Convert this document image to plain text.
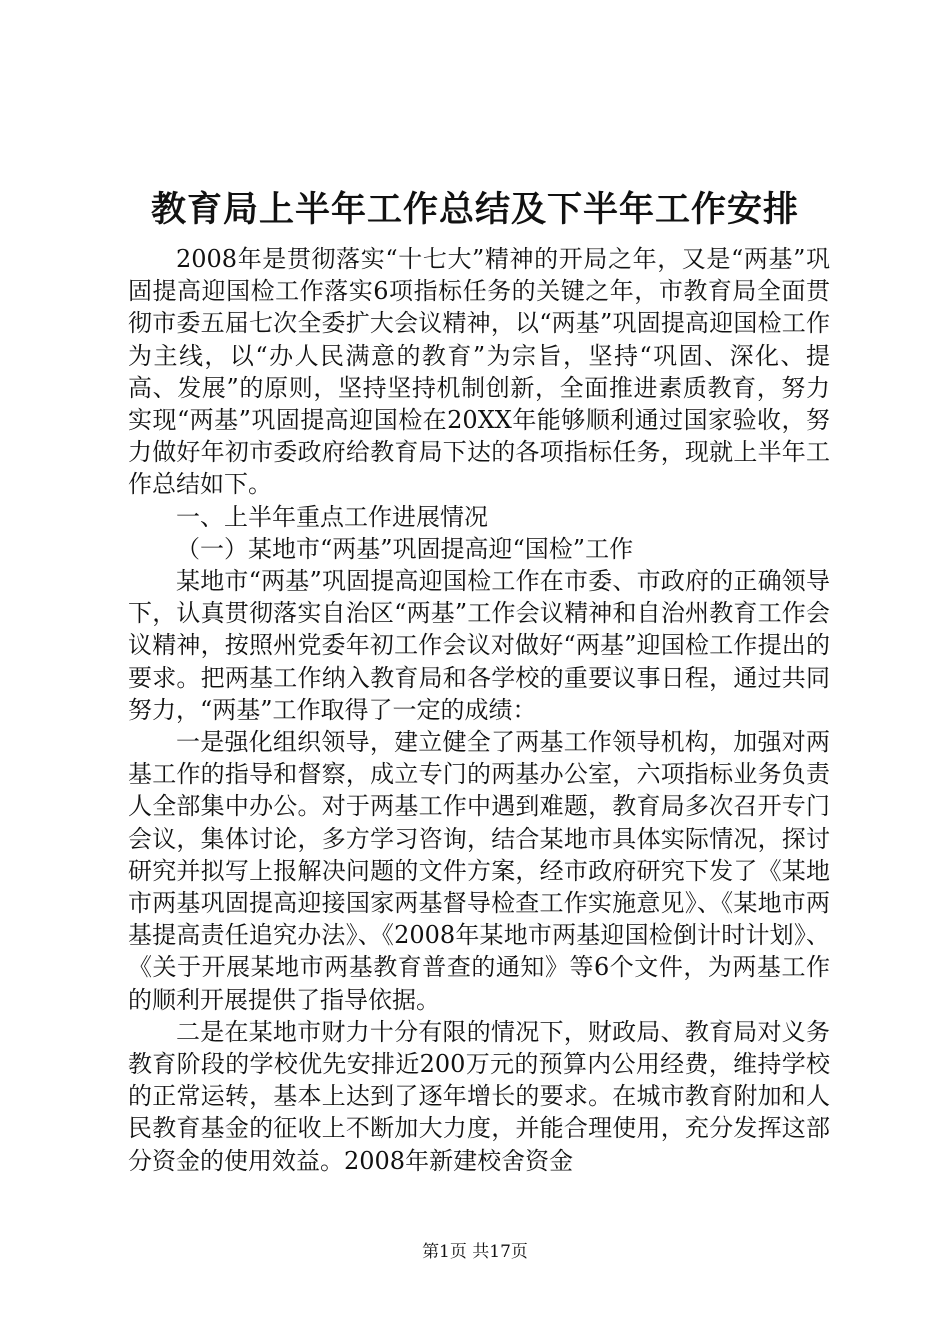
教育局上半年工作总结及下半年工作安排

2008年是贯彻落实“十七大”精神的开局之年，又是“两基”巩固提高迎国检工作落实6项指标任务的关键之年，市教育局全面贯彻市委五届七次全委扩大会议精神，以“两基”巩固提高迎国检工作为主线，以“办人民满意的教育”为宗旨，坚持“巩固、深化、提高、发展”的原则，坚持坚持机制创新，全面推进素质教育，努力实现“两基”巩固提高迎国检在20XX年能够顺利通过国家验收，努力做好年初市委政府给教育局下达的各项指标任务，现就上半年工作总结如下。

一、上半年重点工作进展情况

（一）某地市“两基”巩固提高迎“国检”工作

某地市“两基”巩固提高迎国检工作在市委、市政府的正确领导下，认真贯彻落实自治区“两基”工作会议精神和自治州教育工作会议精神，按照州党委年初工作会议对做好“两基”迎国检工作提出的要求。把两基工作纳入教育局和各学校的重要议事日程，通过共同努力，“两基”工作取得了一定的成绩：

一是强化组织领导，建立健全了两基工作领导机构，加强对两基工作的指导和督察，成立专门的两基办公室，六项指标业务负责人全部集中办公。对于两基工作中遇到难题，教育局多次召开专门会议，集体讨论，多方学习咨询，结合某地市具体实际情况，探讨研究并拟写上报解决问题的文件方案，经市政府研究下发了《某地市两基巩固提高迎接国家两基督导检查工作实施意见》、《某地市两基提高责任追究办法》、《2008年某地市两基迎国检倒计时计划》、《关于开展某地市两基教育普查的通知》等6个文件，为两基工作的顺利开展提供了指导依据。

二是在某地市财力十分有限的情况下，财政局、教育局对义务教育阶段的学校优先安排近200万元的预算内公用经费，维持学校的正常运转，基本上达到了逐年增长的要求。在城市教育附加和人民教育基金的征收上不断加大力度，并能合理使用，充分发挥这部分资金的使用效益。2008年新建校舍资金

第1页 共17页
